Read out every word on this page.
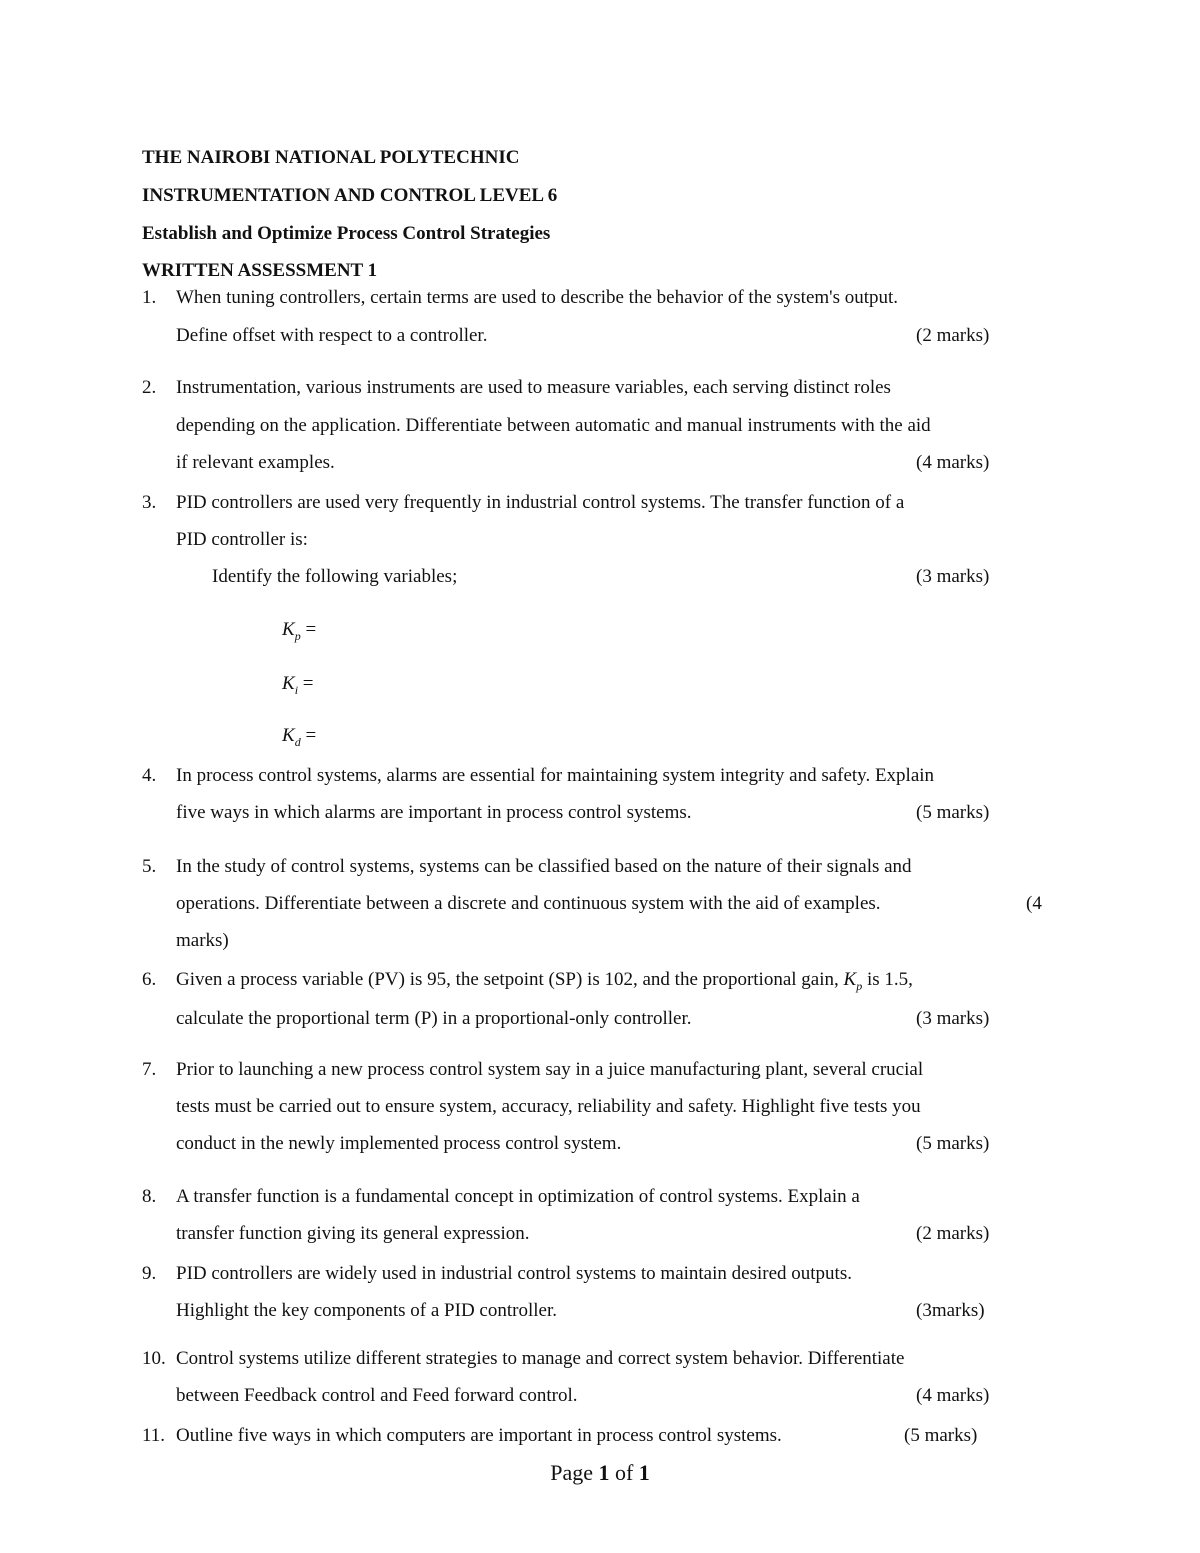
THE NAIROBI NATIONAL POLYTECHNIC
INSTRUMENTATION AND CONTROL LEVEL 6
Establish and Optimize Process Control Strategies
WRITTEN ASSESSMENT 1
1.	When tuning controllers, certain terms are used to describe the behavior of the system's output.
Define offset with respect to a controller.	(2 marks)
2.	Instrumentation, various instruments are used to measure variables, each serving distinct roles
depending on the application. Differentiate between automatic and manual instruments with the aid
if relevant examples.	(4 marks)
3.	PID controllers are used very frequently in industrial control systems. The transfer function of a
PID controller is:
Identify the following variables;	(3 marks)
$K_p$ =
$K_i$ =
$K_d$ =
4.	In process control systems, alarms are essential for maintaining system integrity and safety. Explain
five ways in which alarms are important in process control systems.	(5 marks)
5.	In the study of control systems, systems can be classified based on the nature of their signals and
operations. Differentiate between a discrete and continuous system with the aid of examples.	(4
marks)
6.	Given a process variable (PV) is 95, the setpoint (SP) is 102, and the proportional gain, $K_p$ is 1.5,
calculate the proportional term (P) in a proportional-only controller.	(3 marks)
7.	Prior to launching a new process control system say in a juice manufacturing plant, several crucial
tests must be carried out to ensure system, accuracy, reliability and safety. Highlight five tests you
conduct in the newly implemented process control system.	(5 marks)
8.	A transfer function is a fundamental concept in optimization of control systems. Explain a
transfer function giving its general expression.	(2 marks)
9.	PID controllers are widely used in industrial control systems to maintain desired outputs.
Highlight the key components of a PID controller.	(3marks)
10. Control systems utilize different strategies to manage and correct system behavior. Differentiate
between Feedback control and Feed forward control.	(4 marks)
11. Outline five ways in which computers are important in process control systems.	(5 marks)
Page 1 of 1
